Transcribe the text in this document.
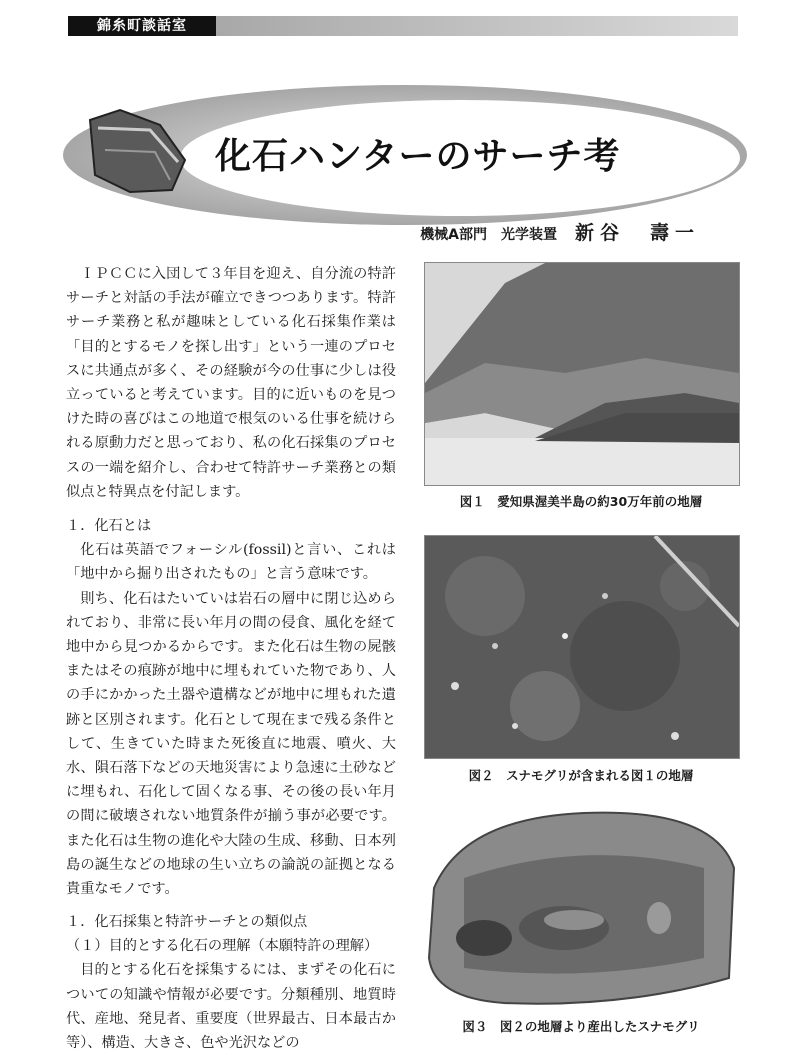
錦糸町談話室
化石ハンターのサーチ考
機械A部門　光学装置 新谷　壽一

ＩＰＣＣに入団して３年目を迎え、自分流の特許サーチと対話の手法が確立できつつあります。特許サーチ業務と私が趣味としている化石採集作業は「目的とするモノを探し出す」という一連のプロセスに共通点が多く、その経験が今の仕事に少しは役立っていると考えています。目的に近いものを見つけた時の喜びはこの地道で根気のいる仕事を続けられる原動力だと思っており、私の化石採集のプロセスの一端を紹介し、合わせて特許サーチ業務との類似点と特異点を付記します。

１．化石とは

化石は英語でフォーシル(fossil)と言い、これは「地中から掘り出されたもの」と言う意味です。

則ち、化石はたいていは岩石の層中に閉じ込められており、非常に長い年月の間の侵食、風化を経て地中から見つかるからです。また化石は生物の屍骸またはその痕跡が地中に埋もれていた物であり、人の手にかかった土器や遺構などが地中に埋もれた遺跡と区別されます。化石として現在まで残る条件として、生きていた時また死後直に地震、噴火、大水、隕石落下などの天地災害により急速に土砂などに埋もれ、石化して固くなる事、その後の長い年月の間に破壊されない地質条件が揃う事が必要です。また化石は生物の進化や大陸の生成、移動、日本列島の誕生などの地球の生い立ちの論説の証拠となる貴重なモノです。

１．化石採集と特許サーチとの類似点

（１）目的とする化石の理解（本願特許の理解）

目的とする化石を採集するには、まずその化石についての知識や情報が必要です。分類種別、地質時代、産地、発見者、重要度（世界最古、日本最古か等）、構造、大きさ、色や光沢などの

図１　愛知県渥美半島の約30万年前の地層
図２　スナモグリが含まれる図１の地層
図３　図２の地層より産出したスナモグリ
